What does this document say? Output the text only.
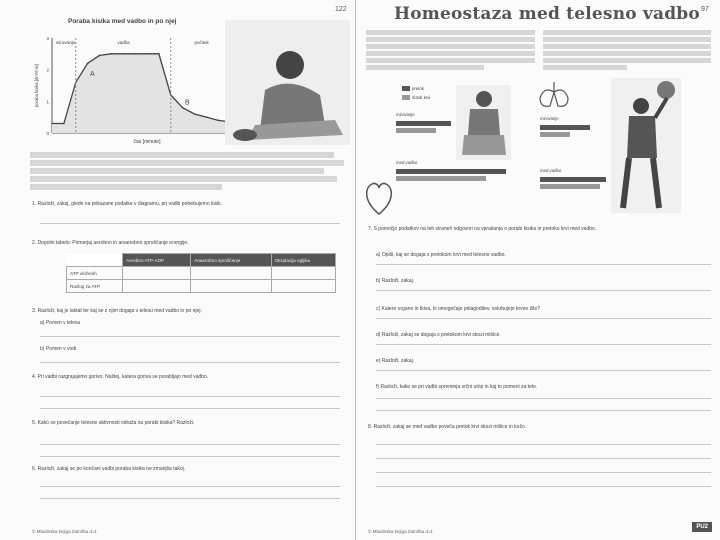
122
Poraba kisika med vadbo in po njej
mirovanje	vadba	počitek
A
B
čas [minute]
poraba kisika [dm³/min]
0
1
2
3
1. Razloži, zakaj, glede na prikazane podatke v diagramu, pri vadbi potrebujemo kisik.
2. Dopolni tabelo: Primerjaj aerobno in anaerobno sproščanje energije.
	Aerobno ATP-ADP	Anaerobno sproščanje	Oksidacija ogljika
ATP vloženih			
Razlog za ATP			
3. Razloži, kaj je laktat ter kaj se z njim dogaja v telesu med vadbo in po njej.
a) Pomen v telesu
b) Pomen v vodi
4. Pri vadbi razgrajujemo gorivo. Naštej, katera goriva se porabljajo med vadbo.
5. Kako se povečanje telesne aktivnosti odraža na porabi kisika? Razloži.
6. Razloži, zakaj se po končani vadbi poraba kisika ne zmanjša takoj.
© Mladinska knjiga Založba d.d.
Homeostaza med telesno vadbo 97
pretok
dotok krvi
mirovanje
med vadbo
mirovanje
med vadbo
7. S pomočjo podatkov na teh straneh odgovori na vprašanja o porabi kisika in pretoku krvi med vadbo.
a) Opiši, kaj se dogaja s pretokom krvi med telesno vadbo.
b) Razloži, zakaj.
c) Katere organe in tkiva, ki omogočajo prilagoditev, oskrbujejo krvne žile?
d) Razloži, zakaj se dogaja s pretokom krvi skozi mišice.
e) Razloži, zakaj.
f) Razloži, kako se pri vadbi spreminja srčni utrip in kaj to pomeni za telo.
8. Razloži, zakaj se med vadbo poveča pretok krvi skozi mišice in kožo.
© Mladinska knjiga Založba d.d.
PU2
